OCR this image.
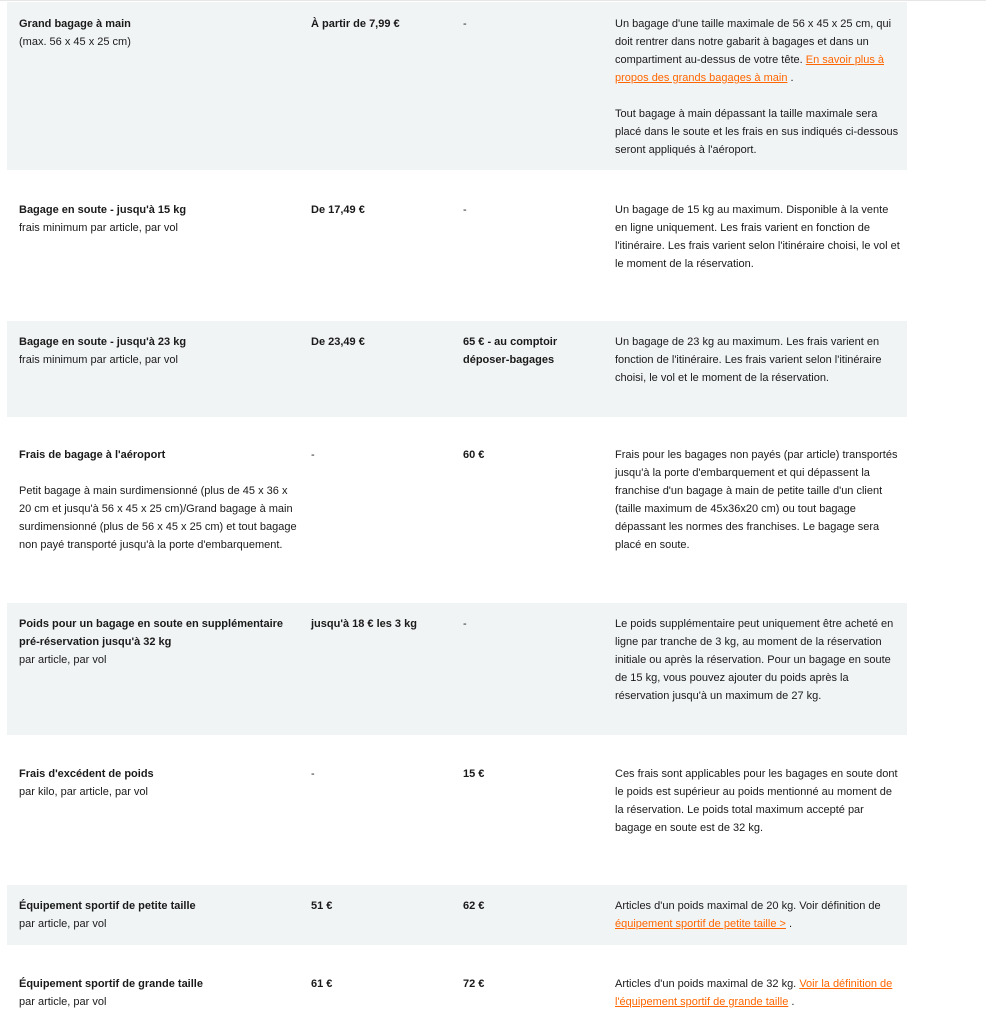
Grand bagage à main
(max. 56 x 45 x 25 cm)
À partir de 7,99 €	-	Un bagage d'une taille maximale de 56 x 45 x 25 cm, qui doit rentrer dans notre gabarit à bagages et dans un compartiment au-dessus de votre tête. En savoir plus à propos des grands bagages à main .
Tout bagage à main dépassant la taille maximale sera placé dans le soute et les frais en sus indiqués ci-dessous seront appliqués à l'aéroport.
Bagage en soute - jusqu'à 15 kg
frais minimum par article, par vol
De 17,49 €	-	Un bagage de 15 kg au maximum. Disponible à la vente en ligne uniquement. Les frais varient en fonction de l'itinéraire. Les frais varient selon l'itinéraire choisi, le vol et le moment de la réservation.
Bagage en soute - jusqu'à 23 kg
frais minimum par article, par vol
De 23,49 €	65 € - au comptoir déposer-bagages
Un bagage de 23 kg au maximum. Les frais varient en fonction de l'itinéraire. Les frais varient selon l'itinéraire choisi, le vol et le moment de la réservation.
Frais de bagage à l'aéroport
Petit bagage à main surdimensionné (plus de 45 x 36 x 20 cm et jusqu'à 56 x 45 x 25 cm)/Grand bagage à main surdimensionné (plus de 56 x 45 x 25 cm) et tout bagage non payé transporté jusqu'à la porte d'embarquement.
-	60 €	Frais pour les bagages non payés (par article) transportés jusqu'à la porte d'embarquement et qui dépassent la franchise d'un bagage à main de petite taille d'un client (taille maximum de 45x36x20 cm) ou tout bagage dépassant les normes des franchises. Le bagage sera placé en soute.
Poids pour un bagage en soute en supplémentaire pré-réservation jusqu'à 32 kg
par article, par vol
jusqu'à 18 € les 3 kg	-	Le poids supplémentaire peut uniquement être acheté en ligne par tranche de 3 kg, au moment de la réservation initiale ou après la réservation. Pour un bagage en soute de 15 kg, vous pouvez ajouter du poids après la réservation jusqu'à un maximum de 27 kg.
Frais d'excédent de poids
par kilo, par article, par vol
-	15 €	Ces frais sont applicables pour les bagages en soute dont le poids est supérieur au poids mentionné au moment de la réservation. Le poids total maximum accepté par bagage en soute est de 32 kg.
Équipement sportif de petite taille
par article, par vol
51 €	62 €	Articles d'un poids maximal de 20 kg. Voir définition de équipement sportif de petite taille > .
Équipement sportif de grande taille
par article, par vol
61 €	72 €	Articles d'un poids maximal de 32 kg. Voir la définition de l'équipement sportif de grande taille .
